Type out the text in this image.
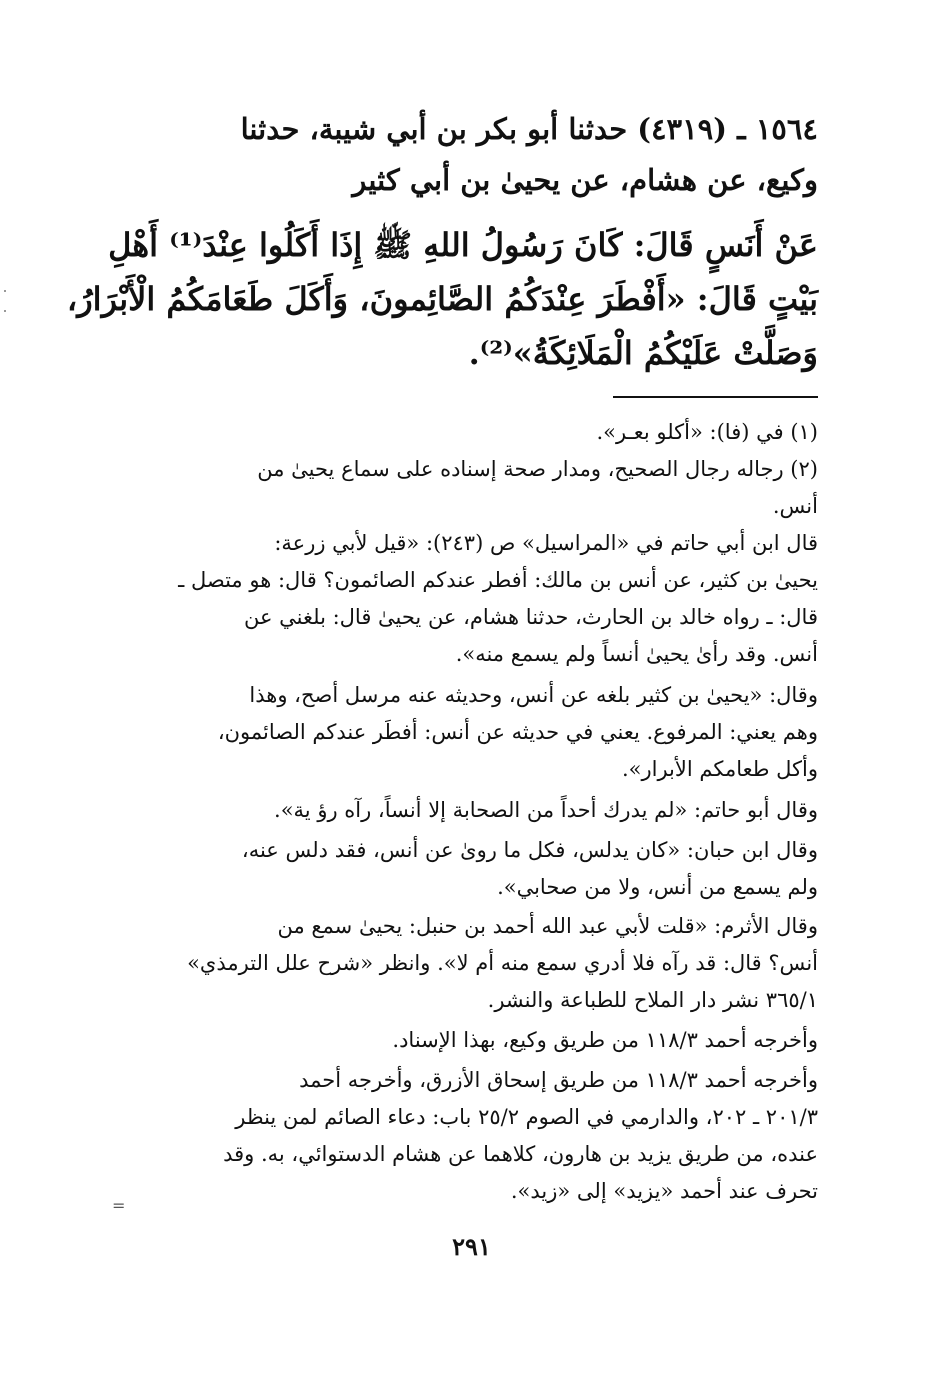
١٥٦٤ ـ (٤٣١٩) حدثنا أبو بكر بن أبي شيبة، حدثنا
وكيع، عن هشام، عن يحيىٰ بن أبي كثير
عَنْ أَنَسٍ قَالَ: كَانَ رَسُولُ اللهِ ﷺ إِذَا أَكَلُوا عِنْدَ⁽¹⁾ أَهْلِ
بَيْتٍ قَالَ: «أَفْطَرَ عِنْدَكُمُ الصَّائِمونَ، وَأَكَلَ طَعَامَكُمُ الْأَبْرَارُ،
وَصَلَّتْ عَلَيْكُمُ الْمَلَائِكَةُ»⁽²⁾.
(١) في (فا): «أكلو بعـر».
(٢) رجاله رجال الصحيح، ومدار صحة إسناده على سماع يحيىٰ من
أنس.
قال ابن أبي حاتم في «المراسيل» ص (٢٤٣): «قيل لأبي زرعة:
يحيىٰ بن كثير، عن أنس بن مالك: أفطر عندكم الصائمون؟ قال: هو متصل ـ
قال: ـ رواه خالد بن الحارث، حدثنا هشام، عن يحيىٰ قال: بلغني عن
أنس. وقد رأىٰ يحيىٰ أنساً ولم يسمع منه».
وقال: «يحيىٰ بن كثير بلغه عن أنس، وحديثه عنه مرسل أصح، وهذا
وهم يعني: المرفوع. يعني في حديثه عن أنس: أفطَر عندكم الصائمون،
وأكل طعامكم الأبرار».
وقال أبو حاتم: «لم يدرك أحداً من الصحابة إلا أنساً، رآه رؤ ية».
وقال ابن حبان: «كان يدلس، فكل ما روىٰ عن أنس، فقد دلس عنه،
ولم يسمع من أنس، ولا من صحابي».
وقال الأثرم: «قلت لأبي عبد الله أحمد بن حنبل: يحيىٰ سمع من
أنس؟ قال: قد رآه فلا أدري سمع منه أم لا». وانظر «شرح علل الترمذي»
٣٦٥/١ نشر دار الملاح للطباعة والنشر.
وأخرجه أحمد ١١٨/٣ من طريق وكيع، بهذا الإسناد.
وأخرجه أحمد ١١٨/٣ من طريق إسحاق الأزرق، وأخرجه أحمد
٢٠١/٣ ـ ٢٠٢، والدارمي في الصوم ٢٥/٢ باب: دعاء الصائم لمن ينظر
عنده، من طريق يزيد بن هارون، كلاهما عن هشام الدستوائي، به. وقد
تحرف عند أحمد «يزيد» إلى «زيد».
=
٢٩١
